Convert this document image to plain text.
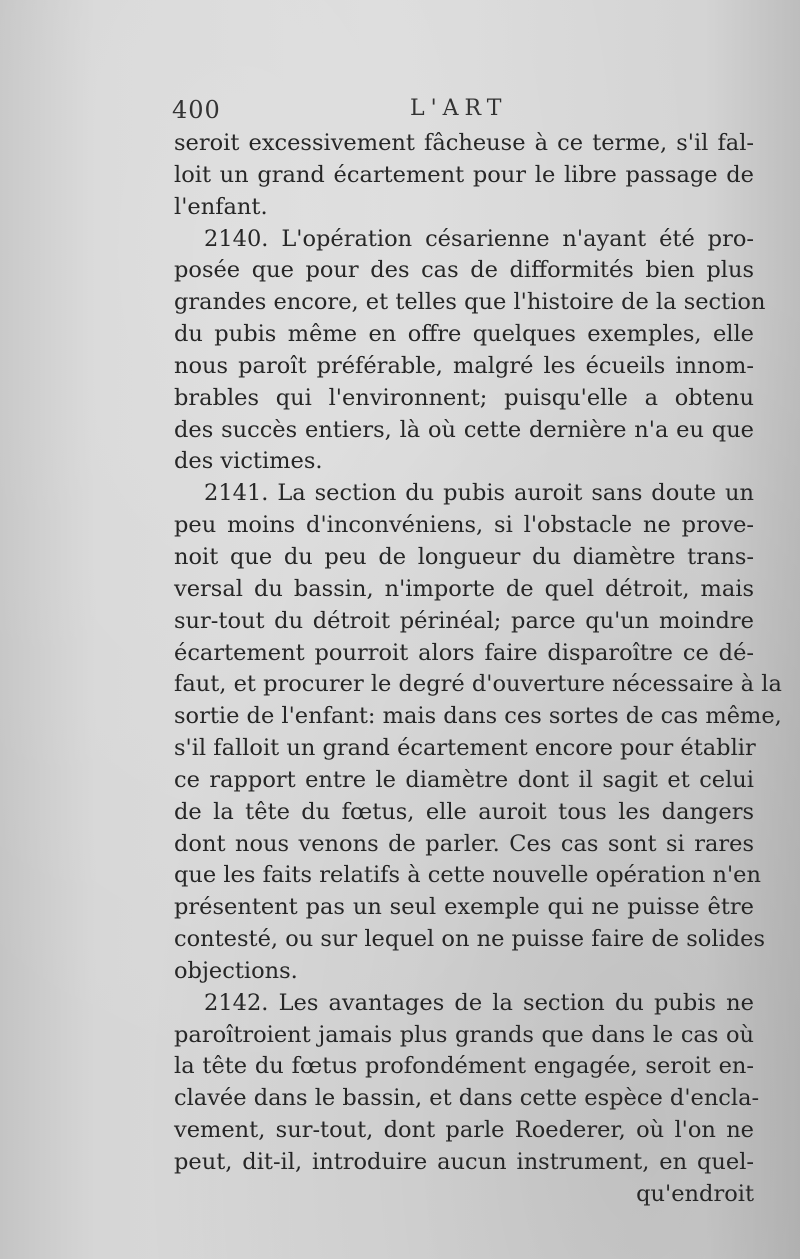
400	L'ART
seroit excessivement fâcheuse à ce terme, s'il fal-
loit un grand écartement pour le libre passage de
l'enfant.
2140. L'opération césarienne n'ayant été pro-
posée que pour des cas de difformités bien plus
grandes encore, et telles que l'histoire de la section
du pubis même en offre quelques exemples, elle
nous paroît préférable, malgré les écueils innom-
brables qui l'environnent; puisqu'elle a obtenu
des succès entiers, là où cette dernière n'a eu que
des victimes.
2141. La section du pubis auroit sans doute un
peu moins d'inconvéniens, si l'obstacle ne prove-
noit que du peu de longueur du diamètre trans-
versal du bassin, n'importe de quel détroit, mais
sur-tout du détroit périnéal; parce qu'un moindre
écartement pourroit alors faire disparoître ce dé-
faut, et procurer le degré d'ouverture nécessaire à la
sortie de l'enfant: mais dans ces sortes de cas même,
s'il falloit un grand écartement encore pour établir
ce rapport entre le diamètre dont il sagit et celui
de la tête du fœtus, elle auroit tous les dangers
dont nous venons de parler. Ces cas sont si rares
que les faits relatifs à cette nouvelle opération n'en
présentent pas un seul exemple qui ne puisse être
contesté, ou sur lequel on ne puisse faire de solides
objections.
2142. Les avantages de la section du pubis ne
paroîtroient jamais plus grands que dans le cas où
la tête du fœtus profondément engagée, seroit en-
clavée dans le bassin, et dans cette espèce d'encla-
vement, sur-tout, dont parle Roederer, où l'on ne
peut, dit-il, introduire aucun instrument, en quel-
qu'endroit
